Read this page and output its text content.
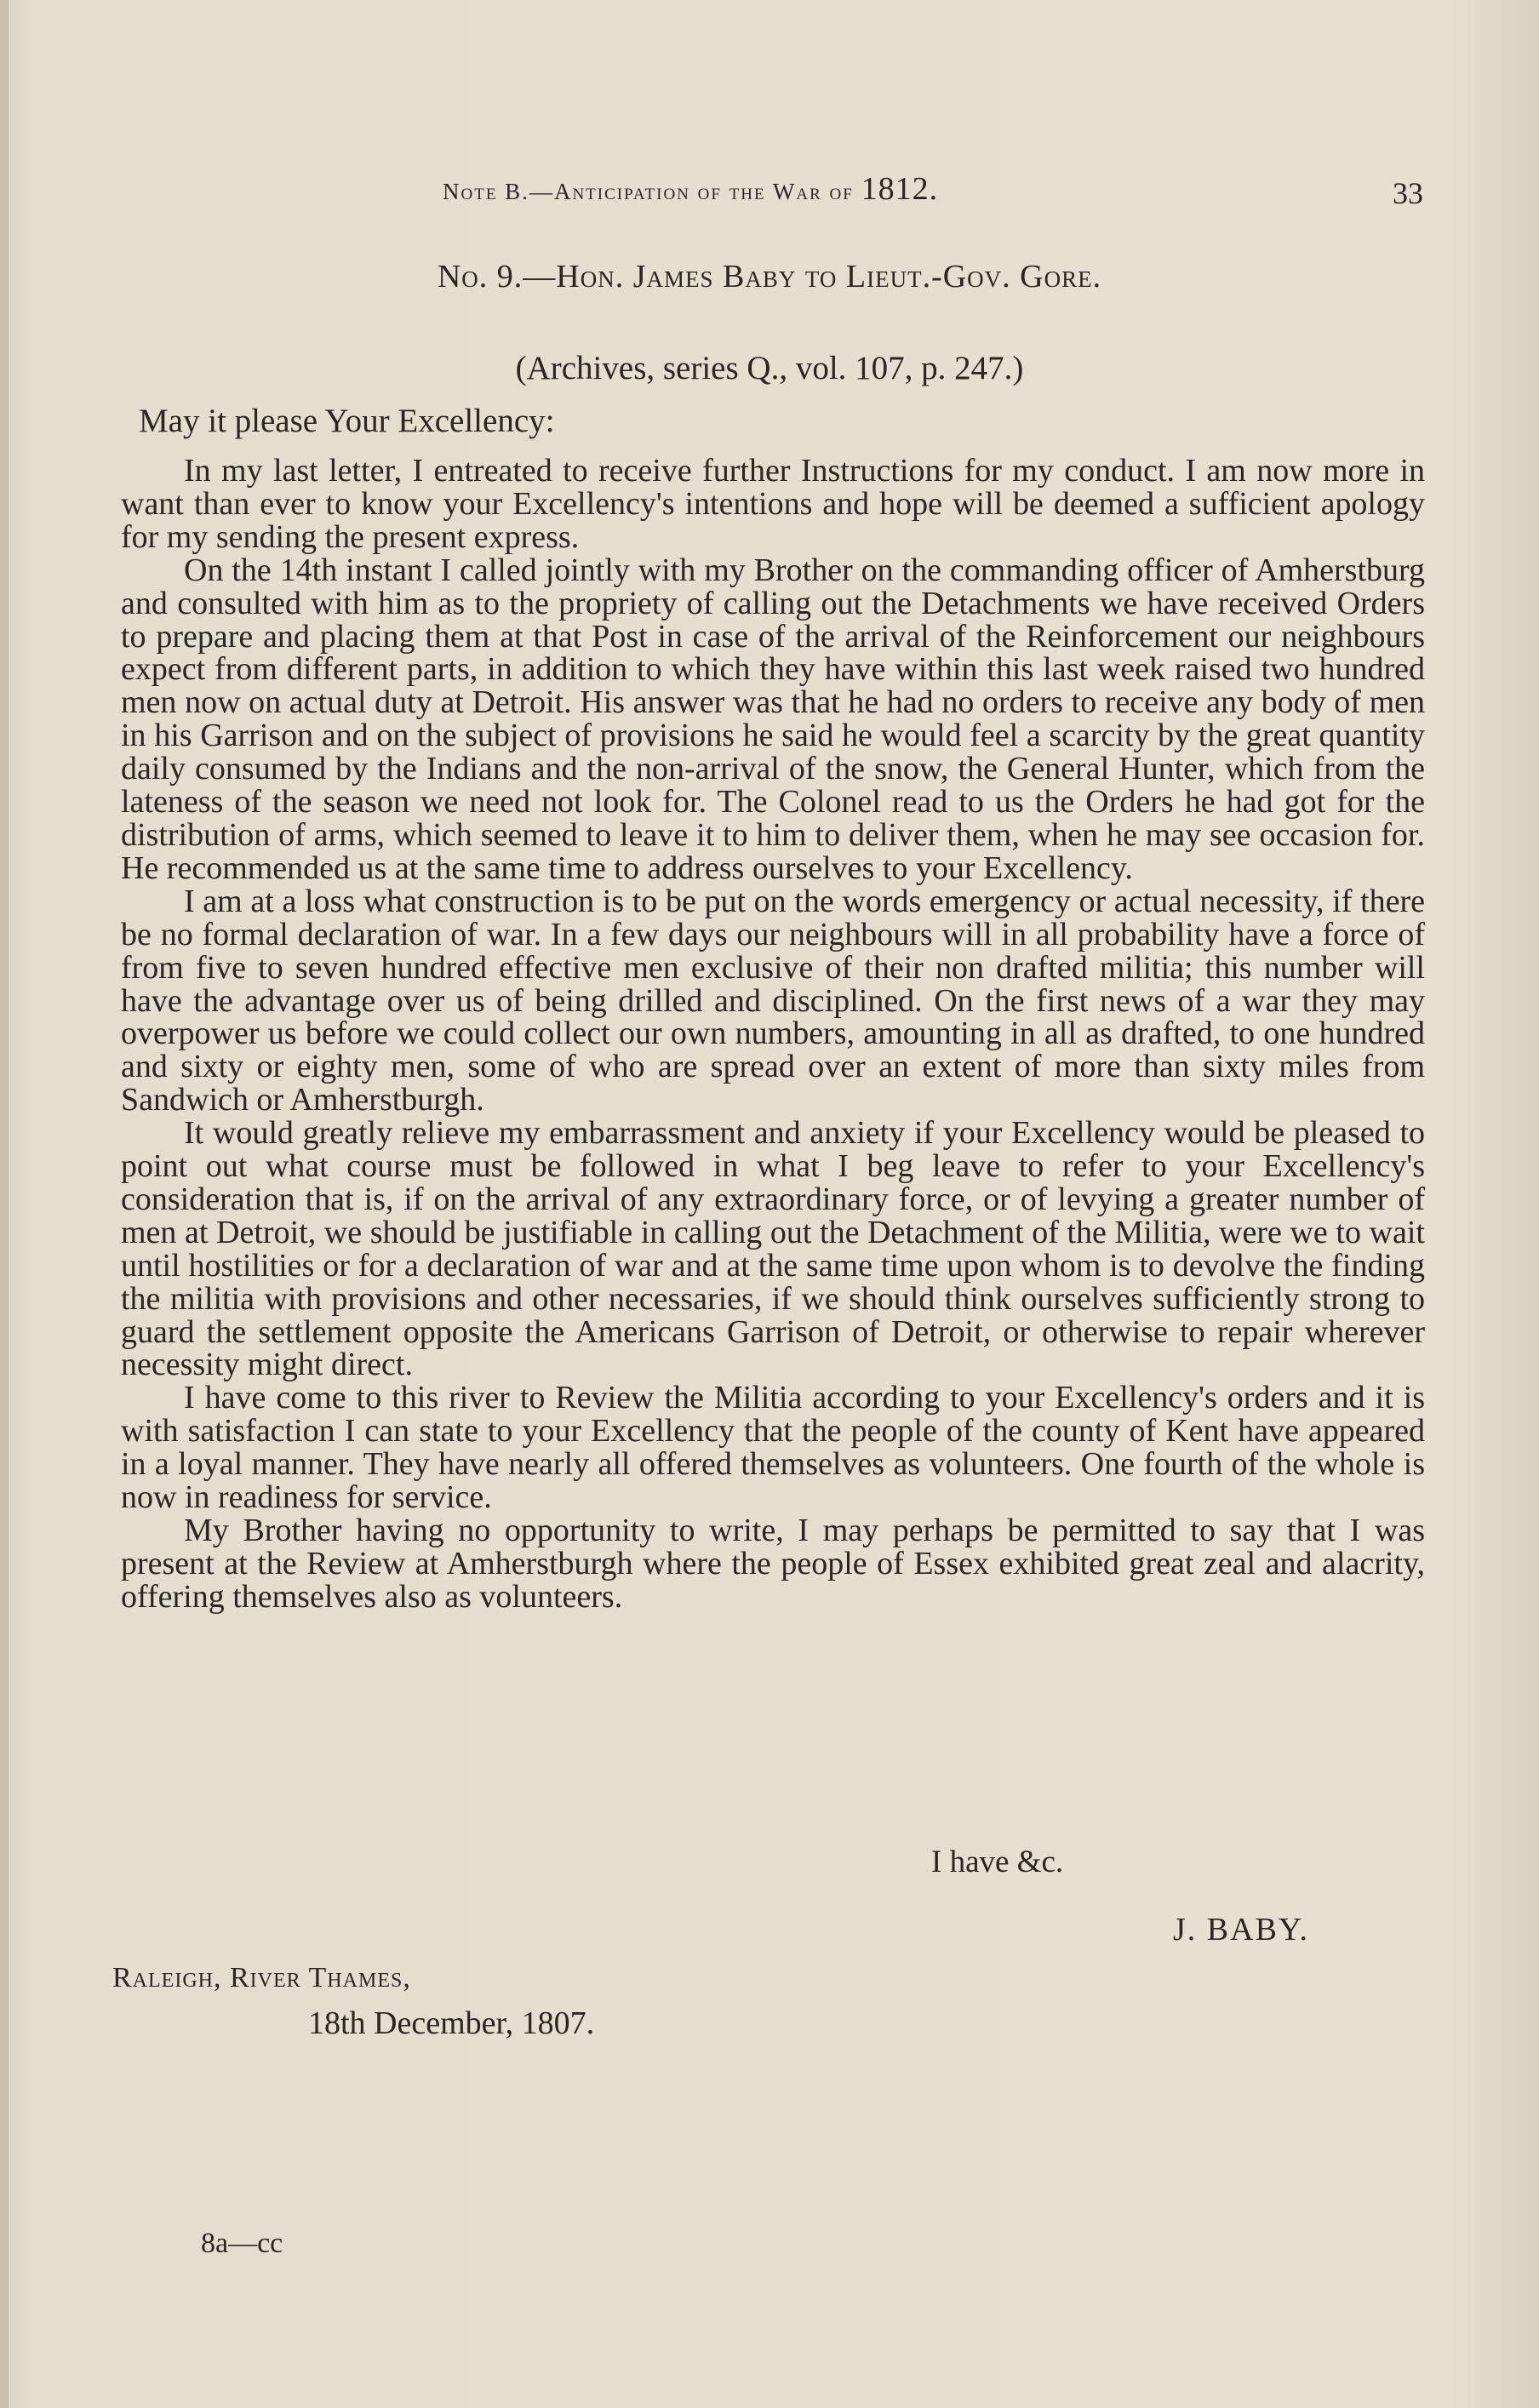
Note B.—Anticipation of the War of 1812.	33
No. 9.—Hon. James Baby to Lieut.-Gov. Gore.
(Archives, series Q., vol. 107, p. 247.)
May it please Your Excellency:

In my last letter, I entreated to receive further Instructions for my conduct. I am now more in want than ever to know your Excellency's intentions and hope will be deemed a sufficient apology for my sending the present express.

On the 14th instant I called jointly with my Brother on the commanding officer of Amherstburg and consulted with him as to the propriety of calling out the Detachments we have received Orders to prepare and placing them at that Post in case of the arrival of the Reinforcement our neighbours expect from different parts, in addition to which they have within this last week raised two hundred men now on actual duty at Detroit. His answer was that he had no orders to receive any body of men in his Garrison and on the subject of provisions he said he would feel a scarcity by the great quantity daily consumed by the Indians and the non-arrival of the snow, the General Hunter, which from the lateness of the season we need not look for. The Colonel read to us the Orders he had got for the distribution of arms, which seemed to leave it to him to deliver them, when he may see occasion for. He recommended us at the same time to address ourselves to your Excellency.

I am at a loss what construction is to be put on the words emergency or actual necessity, if there be no formal declaration of war. In a few days our neighbours will in all probability have a force of from five to seven hundred effective men exclusive of their non drafted militia; this number will have the advantage over us of being drilled and disciplined. On the first news of a war they may overpower us before we could collect our own numbers, amounting in all as drafted, to one hundred and sixty or eighty men, some of who are spread over an extent of more than sixty miles from Sandwich or Amherstburgh.

It would greatly relieve my embarrassment and anxiety if your Excellency would be pleased to point out what course must be followed in what I beg leave to refer to your Excellency's consideration that is, if on the arrival of any extraordinary force, or of levying a greater number of men at Detroit, we should be justifiable in calling out the Detachment of the Militia, were we to wait until hostilities or for a declaration of war and at the same time upon whom is to devolve the finding the militia with provisions and other necessaries, if we should think ourselves sufficiently strong to guard the settlement opposite the Americans Garrison of Detroit, or otherwise to repair wherever necessity might direct.

I have come to this river to Review the Militia according to your Excellency's orders and it is with satisfaction I can state to your Excellency that the people of the county of Kent have appeared in a loyal manner. They have nearly all offered themselves as volunteers. One fourth of the whole is now in readiness for service.

My Brother having no opportunity to write, I may perhaps be permitted to say that I was present at the Review at Amherstburgh where the people of Essex exhibited great zeal and alacrity, offering themselves also as volunteers.

I have &c.
J. BABY.
Raleigh, River Thames,
18th December, 1807.
8a—cc
